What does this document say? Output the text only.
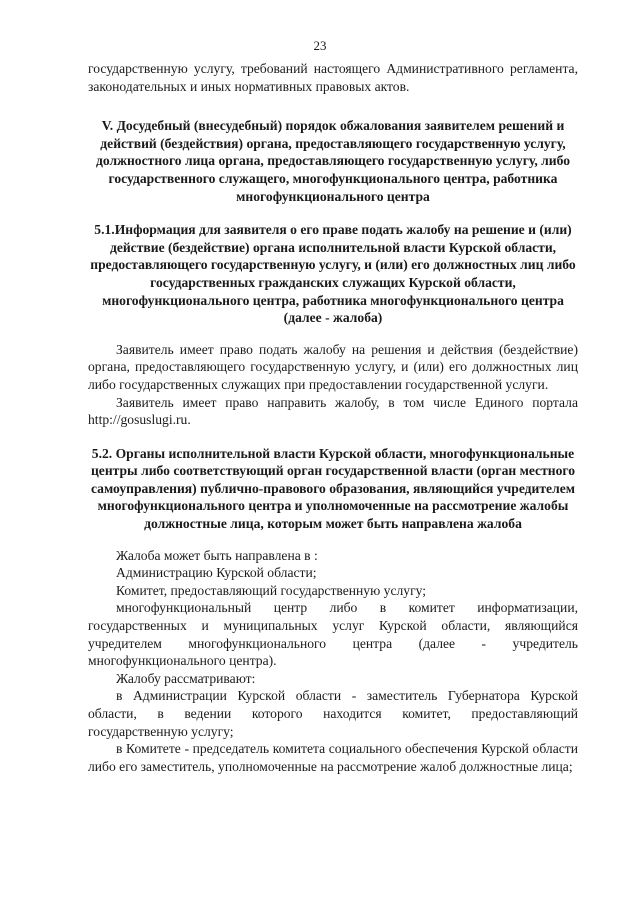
23

государственную услугу, требований настоящего Административного регламента, законодательных и иных нормативных правовых актов.

V. Досудебный (внесудебный) порядок обжалования заявителем решений и действий (бездействия) органа, предоставляющего государственную услугу, должностного лица органа, предоставляющего государственную услугу, либо государственного служащего, многофункционального центра, работника многофункционального центра

5.1.Информация для заявителя о его праве подать жалобу на решение и (или) действие (бездействие) органа исполнительной власти Курской области, предоставляющего государственную услугу, и (или) его должностных лиц либо государственных гражданских служащих Курской области, многофункционального центра, работника многофункционального центра (далее - жалоба)

Заявитель имеет право подать жалобу на решения и действия (бездействие) органа, предоставляющего государственную услугу, и (или) его должностных лиц либо государственных служащих при предоставлении государственной услуги.

Заявитель имеет право направить жалобу, в том числе Единого портала http://gosuslugi.ru.

5.2. Органы исполнительной власти Курской области, многофункциональные центры либо соответствующий орган государственной власти (орган местного самоуправления) публично-правового образования, являющийся учредителем многофункционального центра и уполномоченные на рассмотрение жалобы должностные лица, которым может быть направлена жалоба

Жалоба может быть направлена в :

Администрацию Курской области;

Комитет, предоставляющий государственную услугу;

многофункциональный центр либо в комитет информатизации, государственных и муниципальных услуг Курской области, являющийся учредителем многофункционального центра (далее - учредитель многофункционального центра).

Жалобу рассматривают:

в Администрации Курской области - заместитель Губернатора Курской области, в ведении которого находится комитет, предоставляющий государственную услугу;

в Комитете - председатель комитета социального обеспечения Курской области либо его заместитель, уполномоченные на рассмотрение жалоб должностные лица;
